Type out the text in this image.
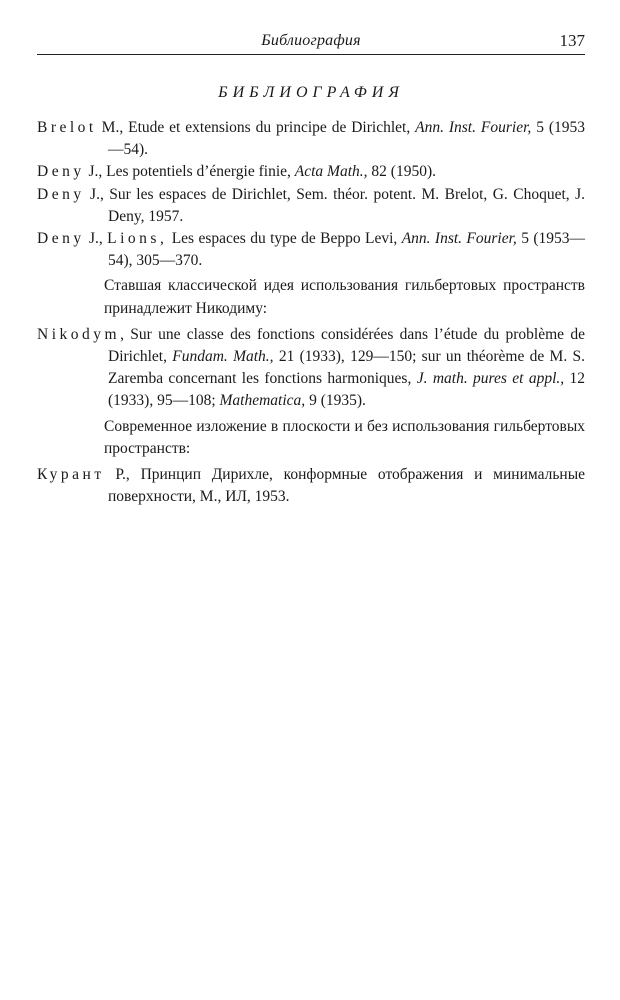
Библиография	137
БИБЛИОГРАФИЯ

Brelot M., Etude et extensions du principe de Dirichlet, Ann. Inst. Fourier, 5 (1953—54).

Deny J., Les potentiels d’énergie finie, Acta Math., 82 (1950).

Deny J., Sur les espaces de Dirichlet, Sem. théor. potent. M. Brelot, G. Choquet, J. Deny, 1957.

Deny J., Lions, Les espaces du type de Beppo Levi, Ann. Inst. Fourier, 5 (1953—54), 305—370.

Ставшая классической идея использования гильбертовых пространств принадлежит Никодиму:

Nikodym, Sur une classe des fonctions considérées dans l’étude du problème de Dirichlet, Fundam. Math., 21 (1933), 129—150; sur un théorème de M. S. Zaremba concernant les fonctions harmoniques, J. math. pures et appl., 12 (1933), 95—108; Mathematica, 9 (1935).

Современное изложение в плоскости и без использования гильбертовых пространств:

Курант Р., Принцип Дирихле, конформные отображения и минимальные поверхности, М., ИЛ, 1953.
